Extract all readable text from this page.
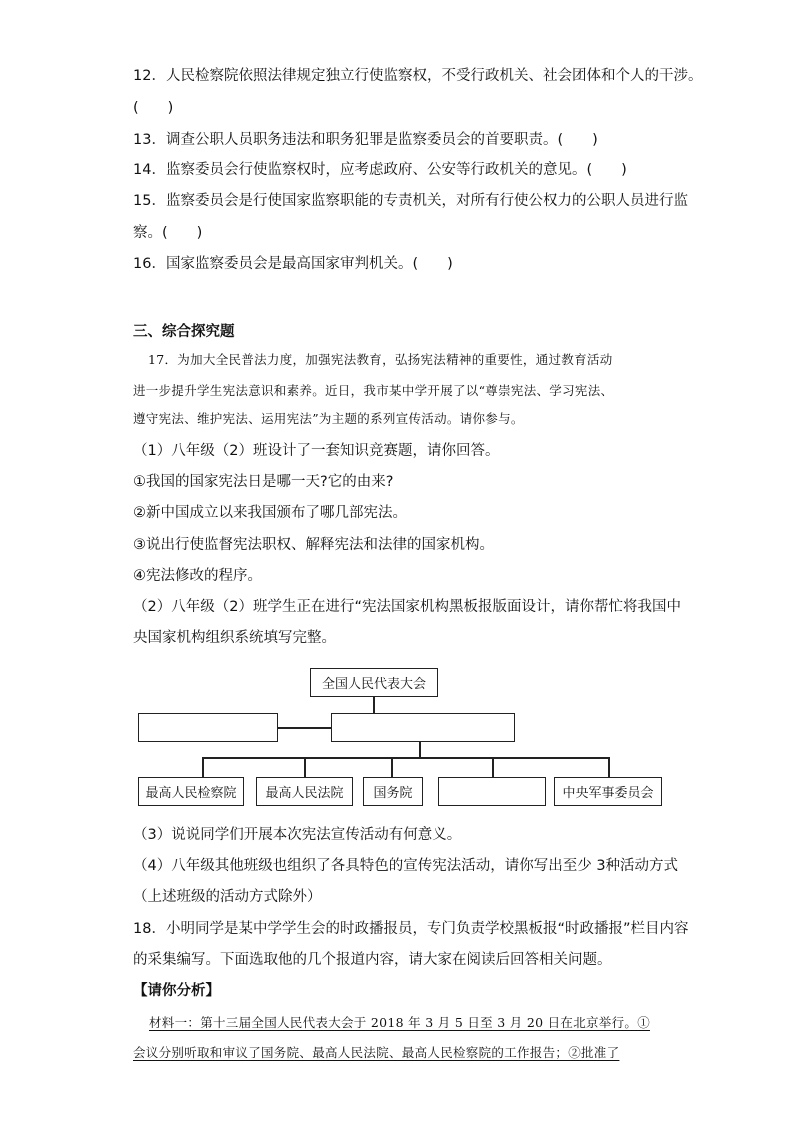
12．人民检察院依照法律规定独立行使监察权，不受行政机关、社会团体和个人的干涉。
(　　)
13．调查公职人员职务违法和职务犯罪是监察委员会的首要职责。(　　)
14．监察委员会行使监察权时，应考虑政府、公安等行政机关的意见。(　　)
15．监察委员会是行使国家监察职能的专责机关，对所有行使公权力的公职人员进行监
察。(　　)
16．国家监察委员会是最高国家审判机关。(　　)
三、综合探究题
17．为加大全民普法力度，加强宪法教育，弘扬宪法精神的重要性，通过教育活动
进一步提升学生宪法意识和素养。近日，我市某中学开展了以“尊崇宪法、学习宪法、
遵守宪法、维护宪法、运用宪法”为主题的系列宣传活动。请你参与。
（1）八年级（2）班设计了一套知识竞赛题，请你回答。
①我国的国家宪法日是哪一天?它的由来?
②新中国成立以来我国颁布了哪几部宪法。
③说出行使监督宪法职权、解释宪法和法律的国家机构。
④宪法修改的程序。
（2）八年级（2）班学生正在进行“宪法国家机构黑板报版面设计，请你帮忙将我国中
央国家机构组织系统填写完整。
全国人民代表大会
最高人民检察院	最高人民法院	国务院	中央军事委员会
（3）说说同学们开展本次宪法宣传活动有何意义。
（4）八年级其他班级也组织了各具特色的宣传宪法活动，请你写出至少 3种活动方式
（上述班级的活动方式除外）
18．小明同学是某中学学生会的时政播报员，专门负责学校黑板报“时政播报”栏目内容
的采集编写。下面选取他的几个报道内容，请大家在阅读后回答相关问题。
【请你分析】
材料一：第十三届全国人民代表大会于 2018 年 3 月 5 日至 3 月 20 日在北京举行。①
会议分别听取和审议了国务院、最高人民法院、最高人民检察院的工作报告；②批准了
